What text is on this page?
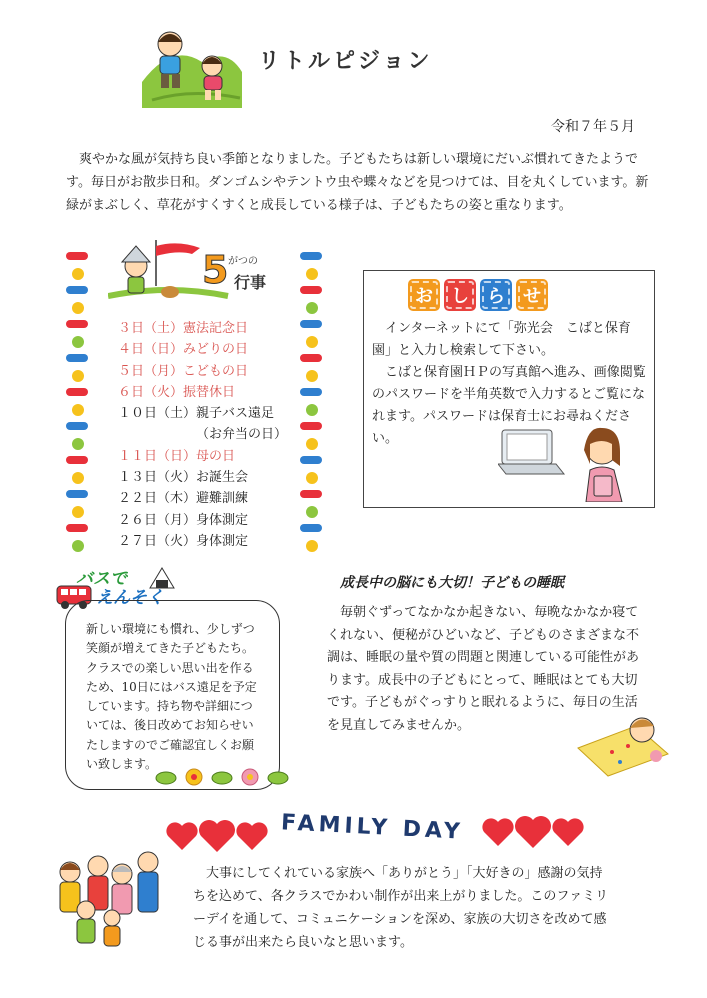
リトルピジョン
令和７年５月
爽やかな風が気持ち良い季節となりました。子どもたちは新しい環境にだいぶ慣れてきたようです。毎日がお散歩日和。ダンゴムシやテントウ虫や蝶々などを見つけては、目を丸くしています。新緑がまぶしく、草花がすくすくと成長している様子は、子どもたちの姿と重なります。
5 がつの
行事
３日（土）憲法記念日
４日（日）みどりの日
５日（月）こどもの日
６日（火）振替休日
１０日（土）親子バス遠足
（お弁当の日）
１１日（日）母の日
１３日（火）お誕生会
２２日（木）避難訓練
２６日（月）身体測定
２７日（火）身体測定
お	し	ら	せ

インターネットにて「弥光会　こばと保育園」と入力し検索して下さい。

こばと保育園ＨＰの写真館へ進み、画像閲覧のパスワードを半角英数で入力するとご覧になれます。パスワードは保育士にお尋ねください。

バスで
えんそく
新しい環境にも慣れ、少しずつ笑顔が増えてきた子どもたち。クラスでの楽しい思い出を作るため、10日にはバス遠足を予定しています。持ち物や詳細については、後日改めてお知らせいたしますのでご確認宜しくお願い致します。
成長中の脳にも大切！子どもの睡眠
毎朝ぐずってなかなか起きない、毎晩なかなか寝てくれない、便秘がひどいなど、子どものさまざまな不調は、睡眠の量や質の問題と関連している可能性があります。成長中の子どもにとって、睡眠はとても大切です。子どもがぐっすりと眠れるように、毎日の生活を見直してみませんか。
FAMILY DAY
大事にしてくれている家族へ「ありがとう」「大好きの」感謝の気持ちを込めて、各クラスでかわい制作が出来上がりました。このファミリーデイを通して、コミュニケーションを深め、家族の大切さを改めて感じる事が出来たら良いなと思います。
